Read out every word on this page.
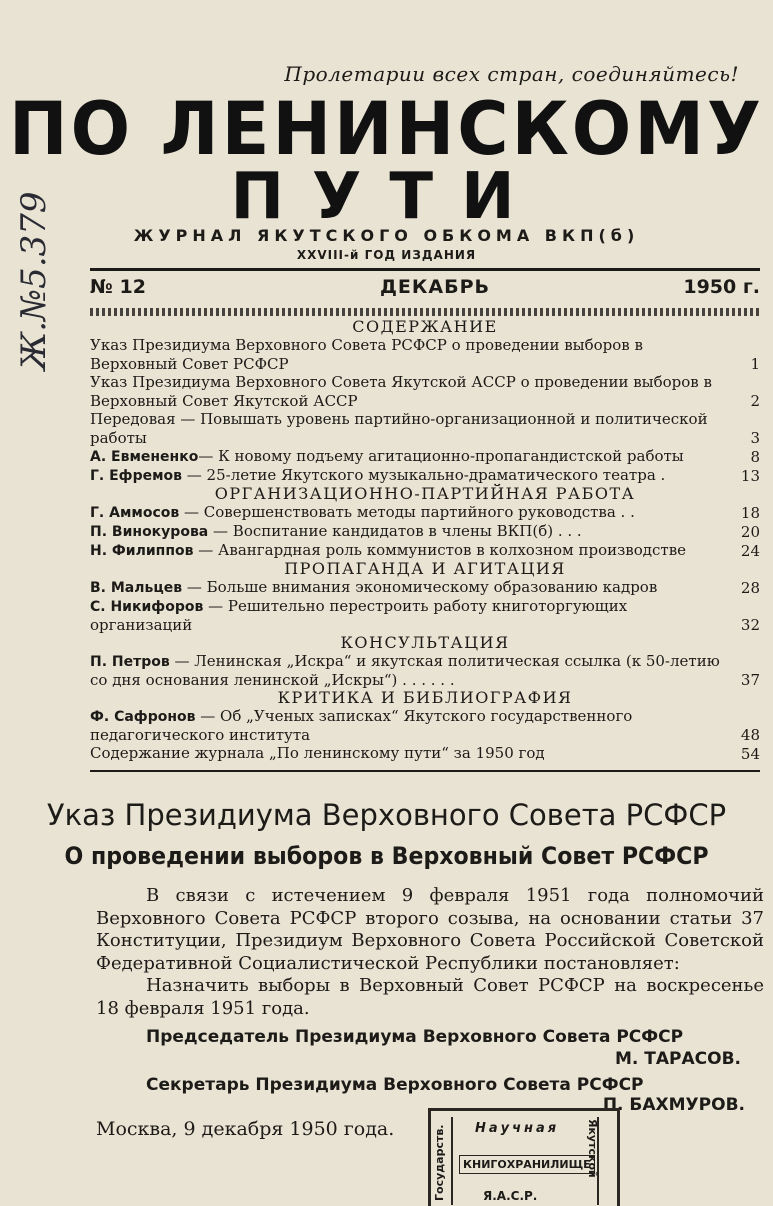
Ж.№5.379
Пролетарии всех стран, соединяйтесь!
ПО ЛЕНИНСКОМУ
ПУТИ
ЖУРНАЛ ЯКУТСКОГО ОБКОМА ВКП(б)
XXVIII-й ГОД ИЗДАНИЯ
№ 12	ДЕКАБРЬ	1950 г.
СОДЕРЖАНИЕ
Указ Президиума Верховного Совета РСФСР о проведении выборов в Верховный Совет РСФСР	1
Указ Президиума Верховного Совета Якутской АССР о проведении выборов в Верховный Совет Якутской АССР	2
Передовая — Повышать уровень партийно-организационной и политической работы	3
А. Евмененко— К новому подъему агитационно-пропагандистской работы	8
Г. Ефремов — 25-летие Якутского музыкально-драматического театра .	13
ОРГАНИЗАЦИОННО-ПАРТИЙНАЯ РАБОТА
Г. Аммосов — Совершенствовать методы партийного руководства . .	18
П. Винокурова — Воспитание кандидатов в члены ВКП(б) . . .	20
Н. Филиппов — Авангардная роль коммунистов в колхозном производстве	24
ПРОПАГАНДА И АГИТАЦИЯ
В. Мальцев — Больше внимания экономическому образованию кадров	28
С. Никифоров — Решительно перестроить работу книготоргующих организаций	32
КОНСУЛЬТАЦИЯ
П. Петров — Ленинская „Искра“ и якутская политическая ссылка (к 50-летию со дня основания ленинской „Искры“) . . . . . .	37
КРИТИКА И БИБЛИОГРАФИЯ
Ф. Сафронов — Об „Ученых записках“ Якутского государственного педагогического института	48
Содержание журнала „По ленинскому пути“ за 1950 год	54
Указ Президиума Верховного Совета РСФСР
О проведении выборов в Верховный Совет РСФСР

В связи с истечением 9 февраля 1951 года полномочий Верховного Совета РСФСР второго созыва, на основании статьи 37 Конституции, Президиум Верховного Совета Российской Советской Федеративной Социалистической Республики постановляет:

Назначить выборы в Верховный Совет РСФСР на воскресенье 18 февраля 1951 года.

Председатель Президиума Верховного Совета РСФСР
М. ТАРАСОВ.
Секретарь Президиума Верховного Совета РСФСР
П. БАХМУРОВ.
Москва, 9 декабря 1950 года.	Государств. Научная
КНИГОХРАНИЛИЩЕ
Я.А.С.Р.
Якутской
